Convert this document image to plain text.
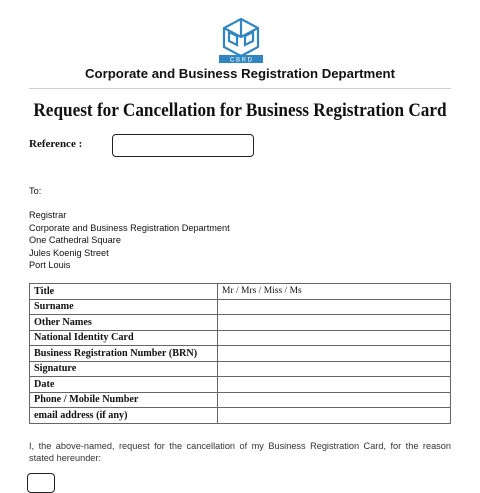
C B R D
Corporate and Business Registration Department
Request for Cancellation for Business Registration Card
Reference :
To:
Registrar
Corporate and Business Registration Department
One Cathedral Square
Jules Koenig Street
Port Louis
Title	Mr / Mrs / Miss / Ms
Surname	
Other Names	
National Identity Card	
Business Registration Number (BRN)	
Signature	
Date	
Phone / Mobile Number	
email address (if any)	
I, the above-named, request for the cancellation of my Business Registration Card, for the reason stated hereunder:
